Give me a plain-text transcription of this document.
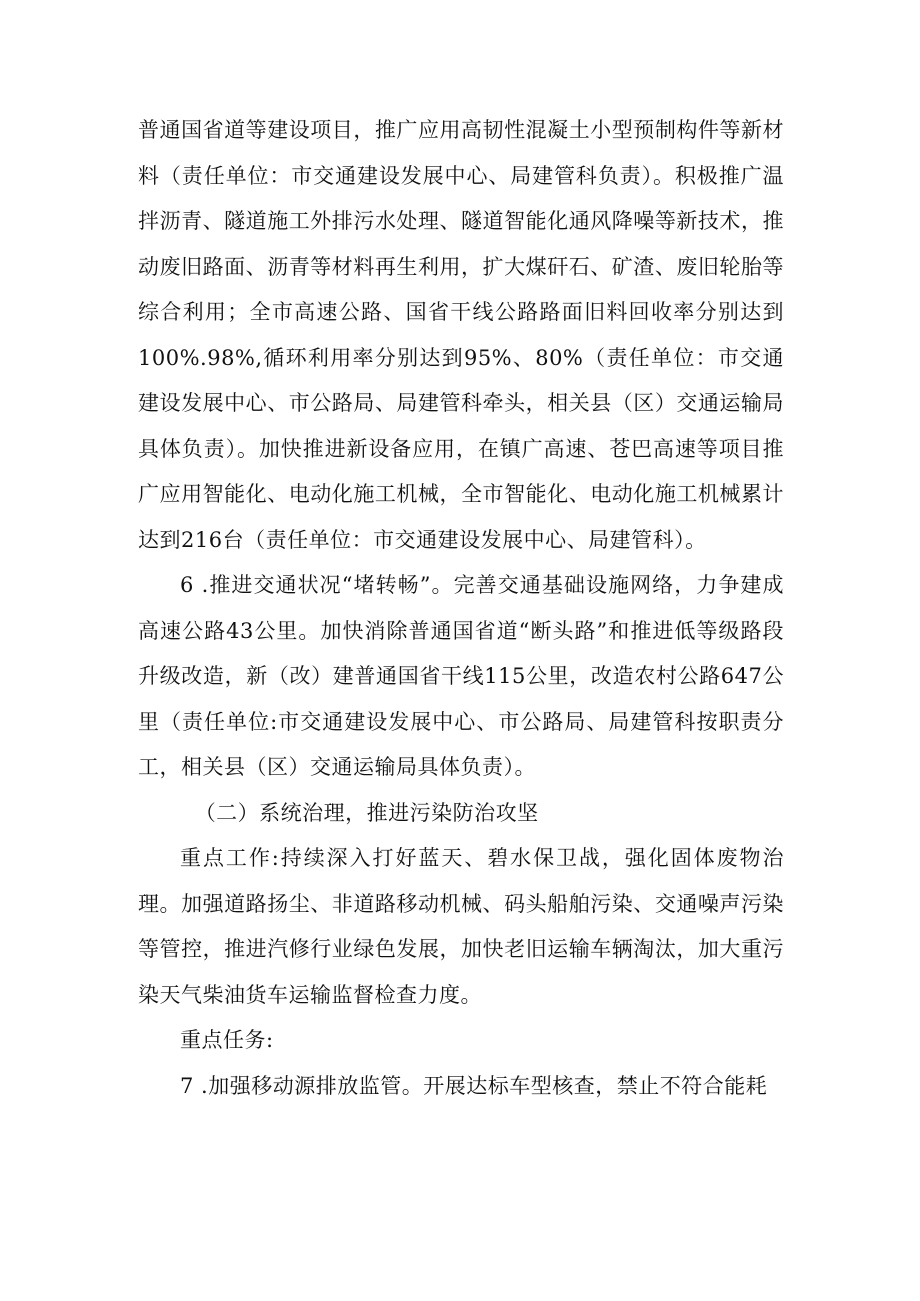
普通国省道等建设项目，推广应用高韧性混凝土小型预制构件等新材料（责任单位：市交通建设发展中心、局建管科负责）。积极推广温拌沥青、隧道施工外排污水处理、隧道智能化通风降噪等新技术，推动废旧路面、沥青等材料再生利用，扩大煤矸石、矿渣、废旧轮胎等综合利用；全市高速公路、国省干线公路路面旧料回收率分别达到100%.98%,循环利用率分别达到95%、80%（责任单位：市交通建设发展中心、市公路局、局建管科牵头，相关县（区）交通运输局具体负责）。加快推进新设备应用，在镇广高速、苍巴高速等项目推广应用智能化、电动化施工机械，全市智能化、电动化施工机械累计达到216台（责任单位：市交通建设发展中心、局建管科）。

6 .推进交通状况“堵转畅”。完善交通基础设施网络，力争建成高速公路43公里。加快消除普通国省道“断头路”和推进低等级路段升级改造，新（改）建普通国省干线115公里，改造农村公路647公里（责任单位:市交通建设发展中心、市公路局、局建管科按职责分工，相关县（区）交通运输局具体负责）。

（二）系统治理，推进污染防治攻坚

重点工作:持续深入打好蓝天、碧水保卫战，强化固体废物治理。加强道路扬尘、非道路移动机械、码头船舶污染、交通噪声污染等管控，推进汽修行业绿色发展，加快老旧运输车辆淘汰，加大重污染天气柴油货车运输监督检查力度。

重点任务:

7 .加强移动源排放监管。开展达标车型核查，禁止不符合能耗
